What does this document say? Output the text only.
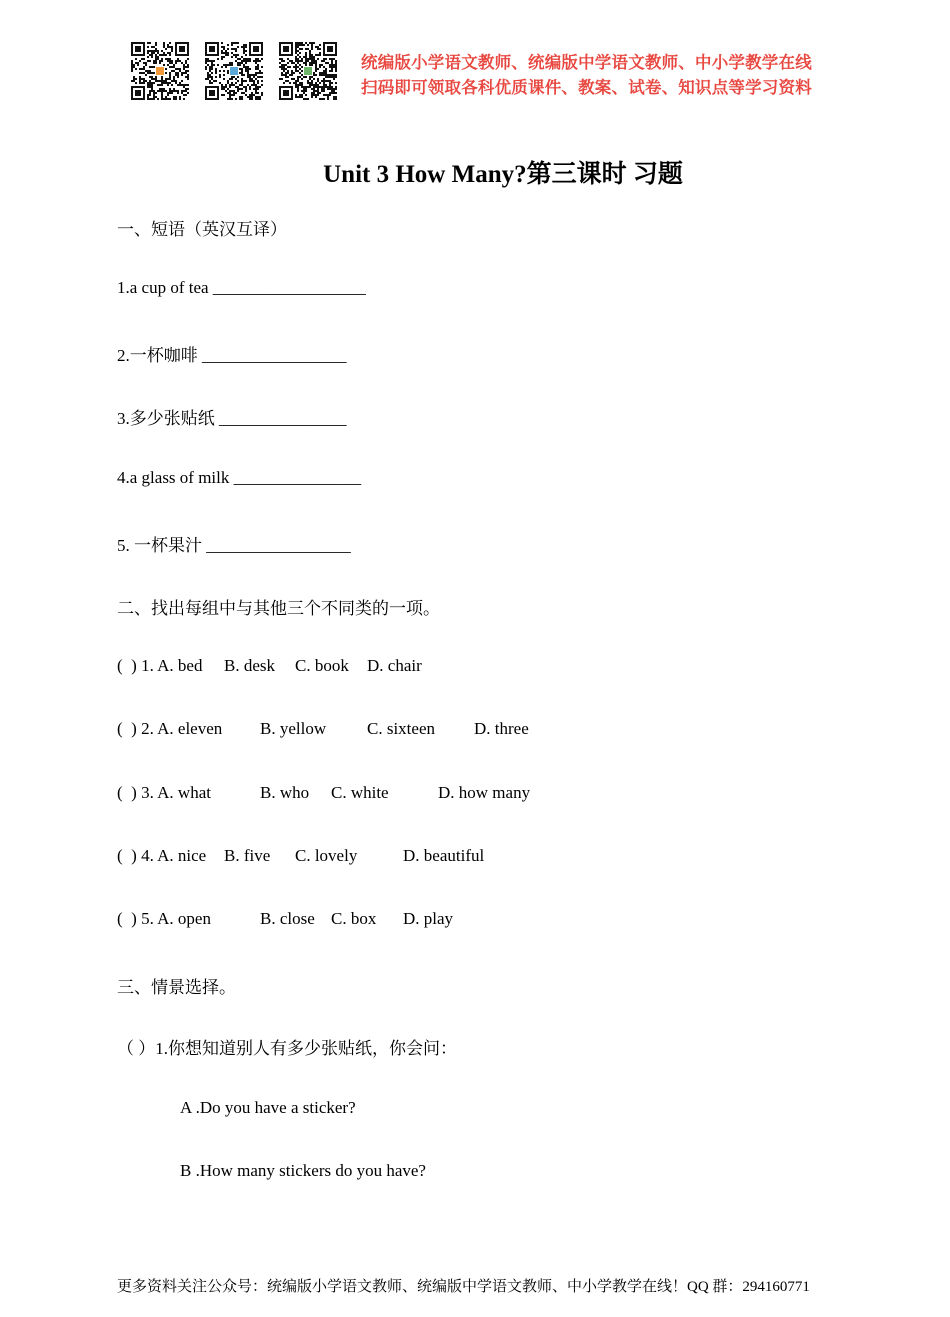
统编版小学语文教师、统编版中学语文教师、中小学教学在线
扫码即可领取各科优质课件、教案、试卷、知识点等学习资料
Unit 3 How Many?第三课时 习题
一、短语（英汉互译）
1.a cup of tea __________________
2.一杯咖啡 _________________
3.多少张贴纸 _______________
4.a glass of milk _______________
5. 一杯果汁 _________________
二、找出每组中与其他三个不同类的一项。
(  ) 1. A. bed B. desk C. book D. chair
(  ) 2. A. eleven B. yellow C. sixteen D. three
(  ) 3. A. what	B. who C. white	D. how many
(  ) 4. A. nice B. five C. lovely	D. beautiful
(  ) 5. A. open	B. close C. box D. play
三、情景选择。
（ ）1.你想知道别人有多少张贴纸，你会问：
A .Do you have a sticker?
B .How many stickers do you have?
更多资料关注公众号：统编版小学语文教师、统编版中学语文教师、中小学教学在线！QQ 群：294160771
